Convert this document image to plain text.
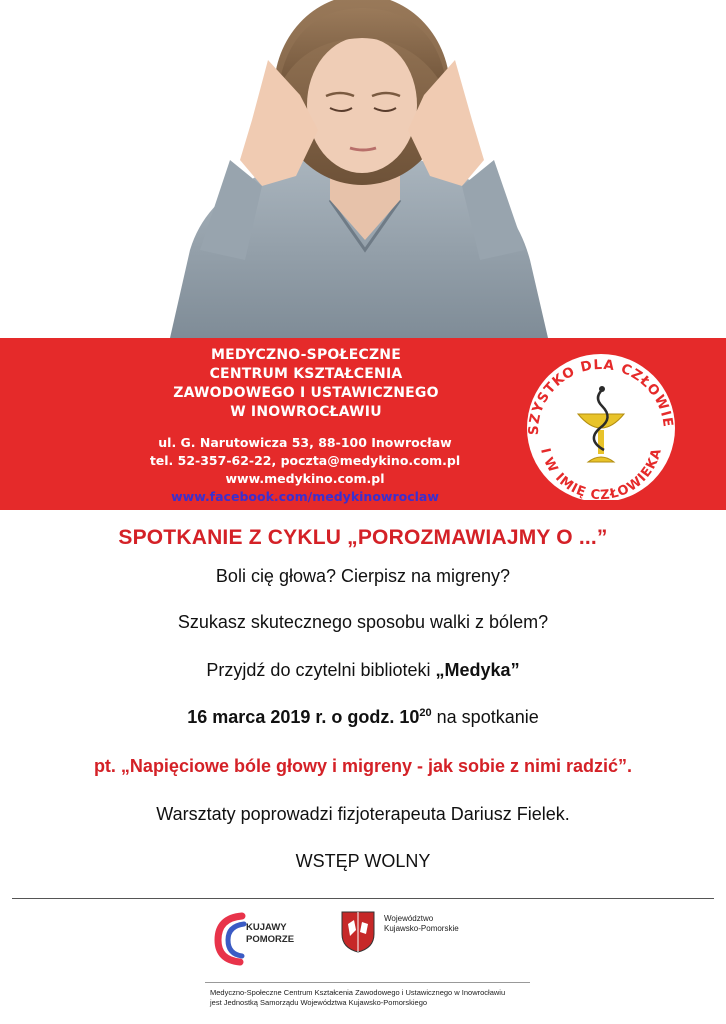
MEDYCZNO-SPOŁECZNE
CENTRUM KSZTAŁCENIA
ZAWODOWEGO I USTAWICZNEGO
W INOWROCŁAWIU
ul. G. Narutowicza 53, 88-100 Inowrocław
tel. 52-357-62-22, poczta@medykino.com.pl
www.medykino.com.pl
www.facebook.com/medykinowroclaw
SZYSTKO DLA CZŁOWIE
I W IMIĘ CZŁOWIEKA
SPOTKANIE Z CYKLU „POROZMAWIAJMY O ...”
Boli cię głowa? Cierpisz na migreny?
Szukasz skutecznego sposobu walki z bólem?
Przyjdź do czytelni biblioteki „Medyka”
16 marca 2019 r. o godz. $10^{20}$ na spotkanie
pt. „Napięciowe bóle głowy i migreny - jak sobie z nimi radzić”.
Warsztaty poprowadzi fizjoterapeuta Dariusz Fielek.
WSTĘP WOLNY
KUJAWY
POMORZE
Województwo
Kujawsko-Pomorskie
Medyczno-Społeczne Centrum Kształcenia Zawodowego i Ustawicznego w Inowrocławiu
jest Jednostką Samorządu Województwa Kujawsko-Pomorskiego
